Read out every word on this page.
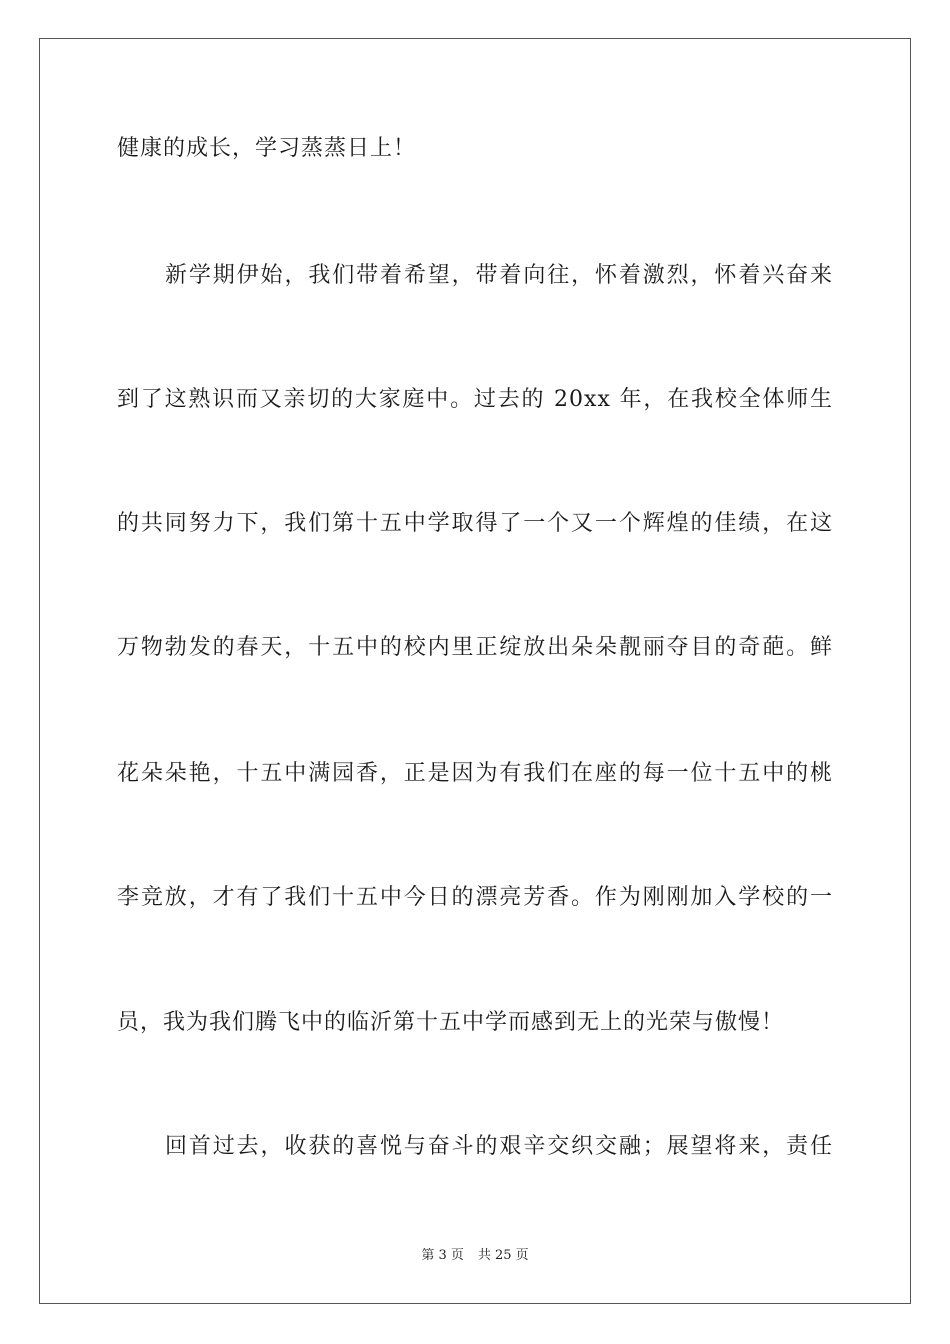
健康的成长，学习蒸蒸日上！
新学期伊始，我们带着希望，带着向往，怀着激烈，怀着兴奋来
到了这熟识而又亲切的大家庭中。过去的 20xx 年，在我校全体师生
的共同努力下，我们第十五中学取得了一个又一个辉煌的佳绩，在这
万物勃发的春天，十五中的校内里正绽放出朵朵靓丽夺目的奇葩。鲜
花朵朵艳，十五中满园香，正是因为有我们在座的每一位十五中的桃
李竞放，才有了我们十五中今日的漂亮芳香。作为刚刚加入学校的一
员，我为我们腾飞中的临沂第十五中学而感到无上的光荣与傲慢！
回首过去，收获的喜悦与奋斗的艰辛交织交融；展望将来，责任
第 3 页 共 25 页
